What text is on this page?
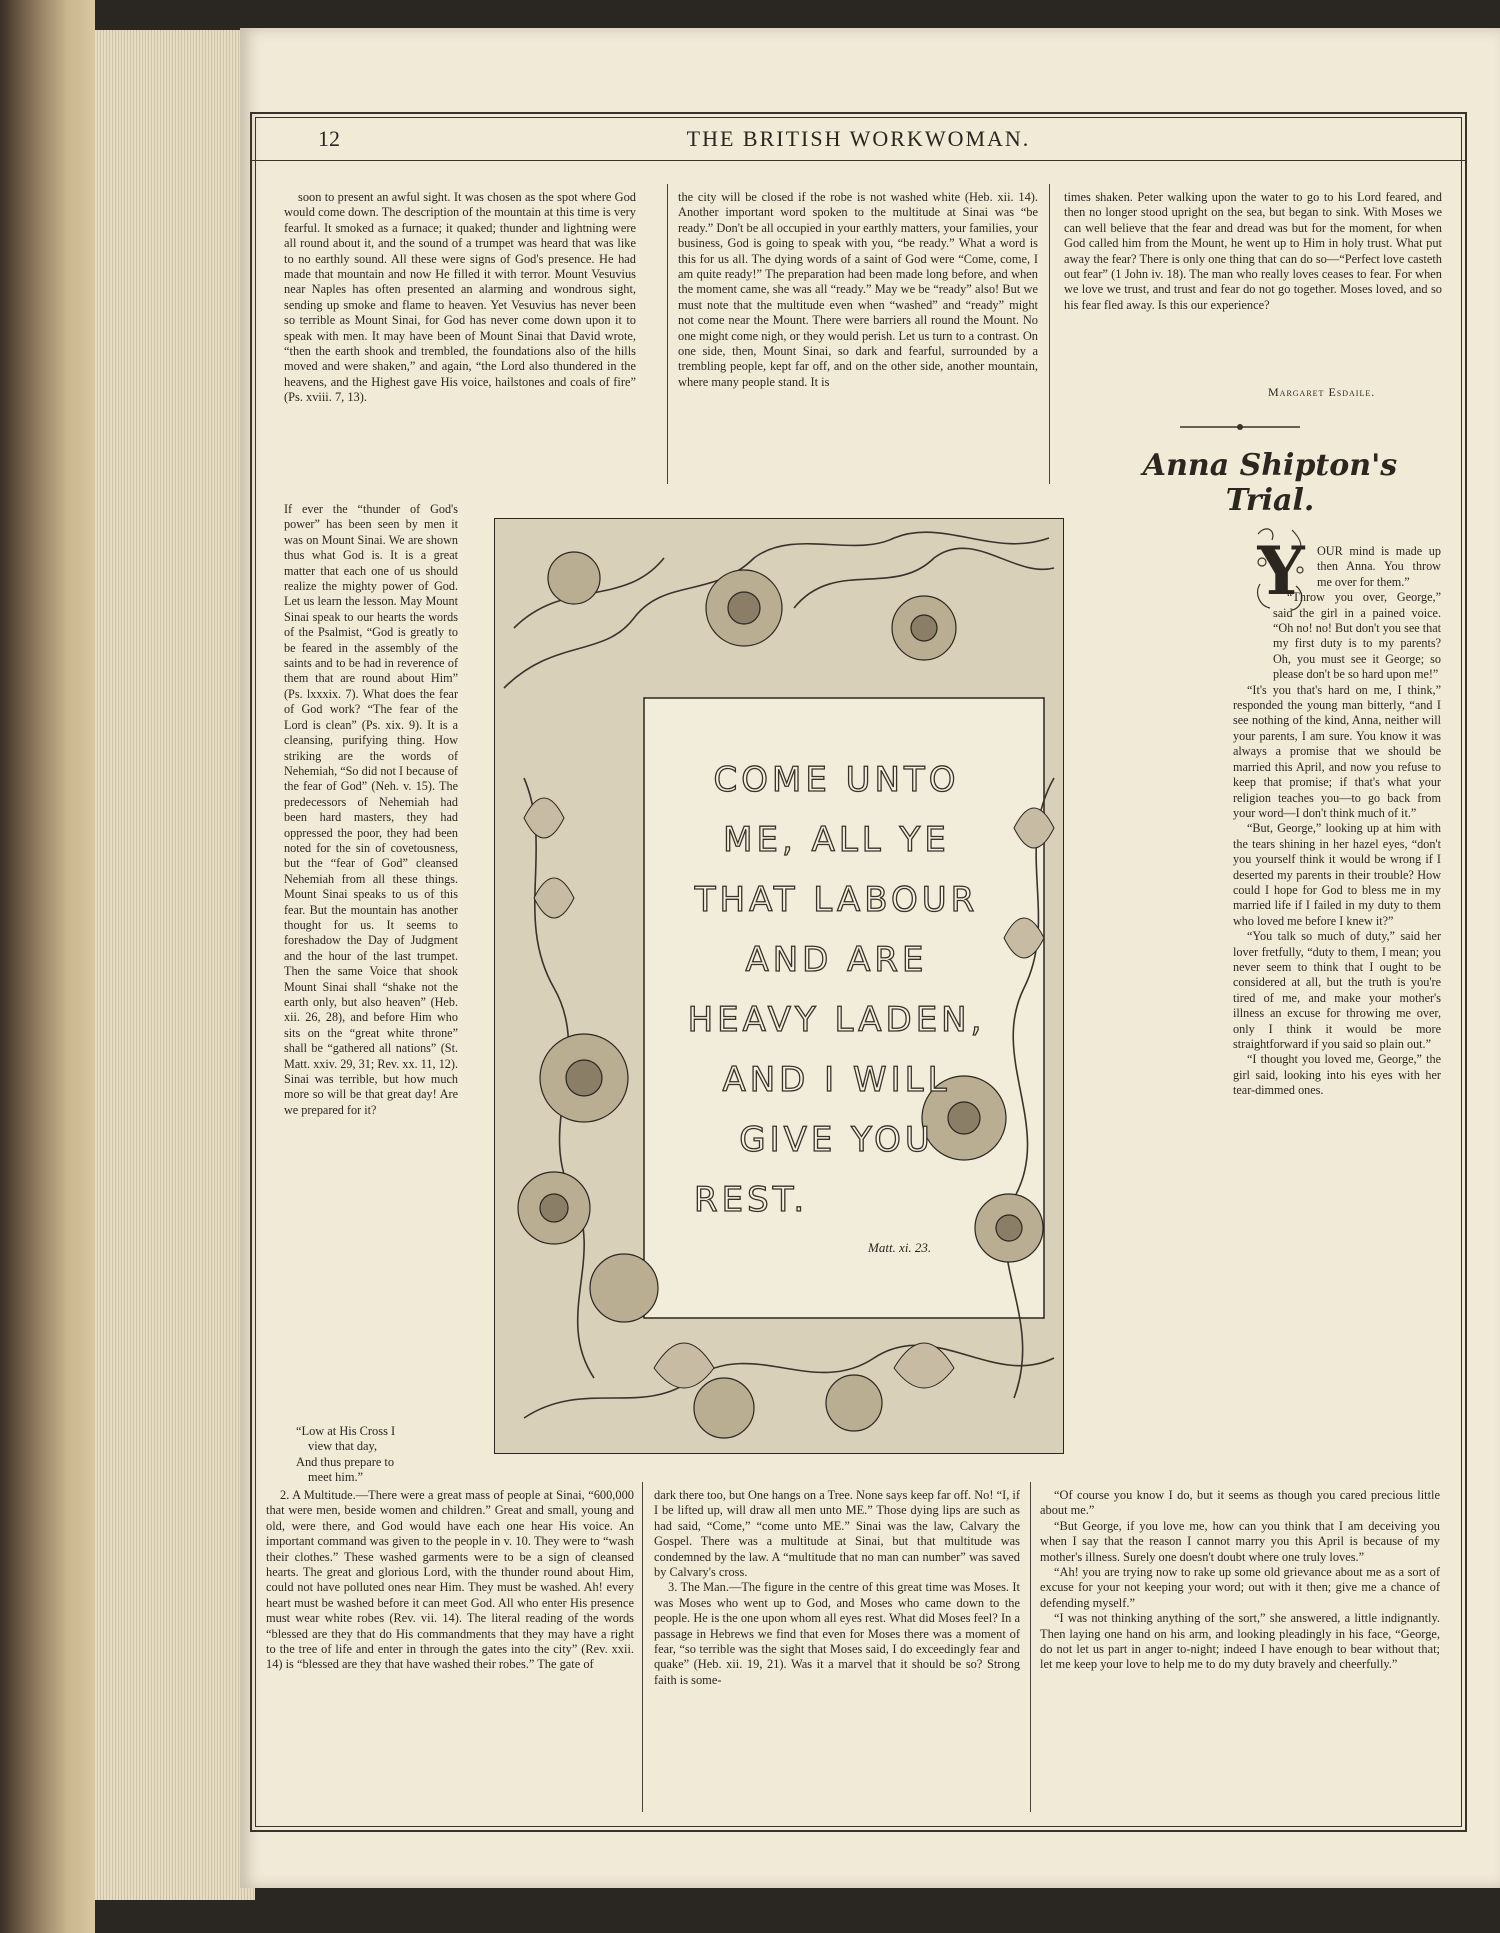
12	THE BRITISH WORKWOMAN.

soon to present an awful sight. It was chosen as the spot where God would come down. The description of the mountain at this time is very fearful. It smoked as a furnace; it quaked; thunder and lightning were all round about it, and the sound of a trumpet was heard that was like to no earthly sound. All these were signs of God's presence. He had made that mountain and now He filled it with terror. Mount Vesuvius near Naples has often presented an alarming and wondrous sight, sending up smoke and flame to heaven. Yet Vesuvius has never been so terrible as Mount Sinai, for God has never come down upon it to speak with men. It may have been of Mount Sinai that David wrote, “then the earth shook and trembled, the foundations also of the hills moved and were shaken,” and again, “the Lord also thundered in the heavens, and the Highest gave His voice, hailstones and coals of fire” (Ps. xviii. 7, 13).

the city will be closed if the robe is not washed white (Heb. xii. 14). Another important word spoken to the multitude at Sinai was “be ready.” Don't be all occupied in your earthly matters, your families, your business, God is going to speak with you, “be ready.” What a word is this for us all. The dying words of a saint of God were “Come, come, I am quite ready!” The preparation had been made long before, and when the moment came, she was all “ready.” May we be “ready” also! But we must note that the multitude even when “washed” and “ready” might not come near the Mount. There were barriers all round the Mount. No one might come nigh, or they would perish. Let us turn to a contrast. On one side, then, Mount Sinai, so dark and fearful, surrounded by a trembling people, kept far off, and on the other side, another mountain, where many people stand. It is

times shaken. Peter walking upon the water to go to his Lord feared, and then no longer stood upright on the sea, but began to sink. With Moses we can well believe that the fear and dread was but for the moment, for when God called him from the Mount, he went up to Him in holy trust. What put away the fear? There is only one thing that can do so—“Perfect love casteth out fear” (1 John iv. 18). The man who really loves ceases to fear. For when we love we trust, and trust and fear do not go together. Moses loved, and so his fear fled away. Is this our experience?

Margaret Esdaile.
Anna Shipton's Trial.

If ever the “thunder of God's power” has been seen by men it was on Mount Sinai. We are shown thus what God is. It is a great matter that each one of us should realize the mighty power of God. Let us learn the lesson. May Mount Sinai speak to our hearts the words of the Psalmist, “God is greatly to be feared in the assembly of the saints and to be had in reverence of them that are round about Him” (Ps. lxxxix. 7). What does the fear of God work? “The fear of the Lord is clean” (Ps. xix. 9). It is a cleansing, purifying thing. How striking are the words of Nehemiah, “So did not I because of the fear of God” (Neh. v. 15). The predecessors of Nehemiah had been hard masters, they had oppressed the poor, they had been noted for the sin of covetousness, but the “fear of God” cleansed Nehemiah from all these things. Mount Sinai speaks to us of this fear. But the mountain has another thought for us. It seems to foreshadow the Day of Judgment and the hour of the last trumpet. Then the same Voice that shook Mount Sinai shall “shake not the earth only, but also heaven” (Heb. xii. 26, 28), and before Him who sits on the “great white throne” shall be “gathered all nations” (St. Matt. xxiv. 29, 31; Rev. xx. 11, 12). Sinai was terrible, but how much more so will be that great day! Are we prepared for it?

“Low at His Cross I
view that day,
And thus prepare to
meet him.”
Y	OUR mind is made up then Anna. You throw me over for them.”

“Throw you over, George,” said the girl in a pained voice. “Oh no! no! But don't you see that my first duty is to my parents? Oh, you must see it George; so please don't be so hard upon me!”

“It's you that's hard on me, I think,” responded the young man bitterly, “and I see nothing of the kind, Anna, neither will your parents, I am sure. You know it was always a promise that we should be married this April, and now you refuse to keep that promise; if that's what your religion teaches you—to go back from your word—I don't think much of it.”

“But, George,” looking up at him with the tears shining in her hazel eyes, “don't you yourself think it would be wrong if I deserted my parents in their trouble? How could I hope for God to bless me in my married life if I failed in my duty to them who loved me before I knew it?”

“You talk so much of duty,” said her lover fretfully, “duty to them, I mean; you never seem to think that I ought to be considered at all, but the truth is you're tired of me, and make your mother's illness an excuse for throwing me over, only I think it would be more straightforward if you said so plain out.”

“I thought you loved me, George,” the girl said, looking into his eyes with her tear-dimmed ones.

COME UNTO
ME, ALL YE
THAT LABOUR
AND ARE
HEAVY LADEN,
AND I WILL
GIVE YOU
REST.
Matt. xi. 23.

2. A Multitude.—There were a great mass of people at Sinai, “600,000 that were men, beside women and children.” Great and small, young and old, were there, and God would have each one hear His voice. An important command was given to the people in v. 10. They were to “wash their clothes.” These washed garments were to be a sign of cleansed hearts. The great and glorious Lord, with the thunder round about Him, could not have polluted ones near Him. They must be washed. Ah! every heart must be washed before it can meet God. All who enter His presence must wear white robes (Rev. vii. 14). The literal reading of the words “blessed are they that do His commandments that they may have a right to the tree of life and enter in through the gates into the city” (Rev. xxii. 14) is “blessed are they that have washed their robes.” The gate of

dark there too, but One hangs on a Tree. None says keep far off. No! “I, if I be lifted up, will draw all men unto ME.” Those dying lips are such as had said, “Come,” “come unto ME.” Sinai was the law, Calvary the Gospel. There was a multitude at Sinai, but that multitude was condemned by the law. A “multitude that no man can number” was saved by Calvary's cross.

3. The Man.—The figure in the centre of this great time was Moses. It was Moses who went up to God, and Moses who came down to the people. He is the one upon whom all eyes rest. What did Moses feel? In a passage in Hebrews we find that even for Moses there was a moment of fear, “so terrible was the sight that Moses said, I do exceedingly fear and quake” (Heb. xii. 19, 21). Was it a marvel that it should be so? Strong faith is some-

“Of course you know I do, but it seems as though you cared precious little about me.”

“But George, if you love me, how can you think that I am deceiving you when I say that the reason I cannot marry you this April is because of my mother's illness. Surely one doesn't doubt where one truly loves.”

“Ah! you are trying now to rake up some old grievance about me as a sort of excuse for your not keeping your word; out with it then; give me a chance of defending myself.”

“I was not thinking anything of the sort,” she answered, a little indignantly. Then laying one hand on his arm, and looking pleadingly in his face, “George, do not let us part in anger to-night; indeed I have enough to bear without that; let me keep your love to help me to do my duty bravely and cheerfully.”
